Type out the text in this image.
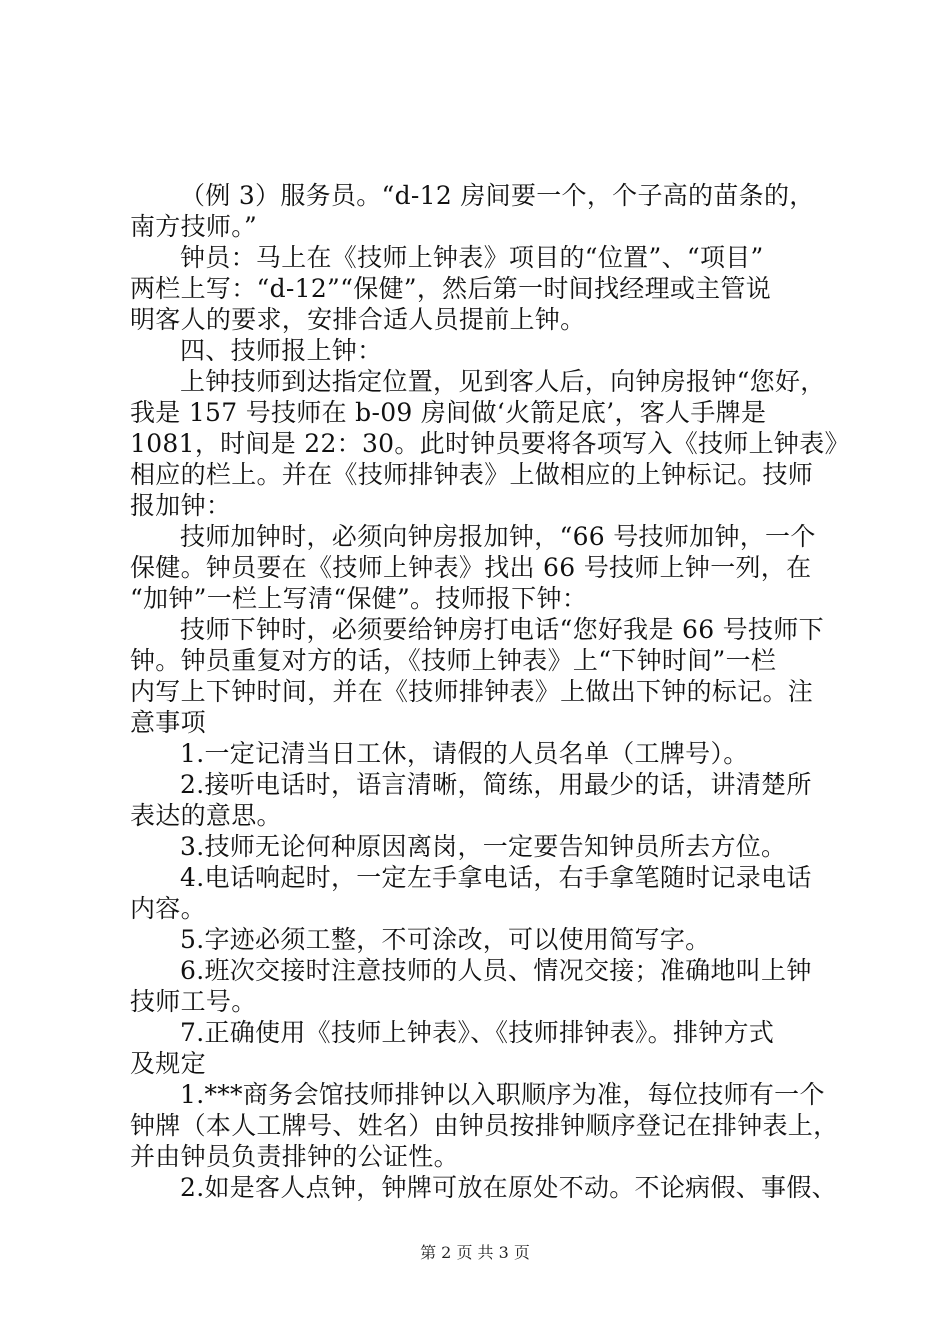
（例 3）服务员。“d-12 房间要一个，个子高的苗条的，
南方技师。”
钟员：马上在《技师上钟表》项目的“位置”、“项目”
两栏上写：“d-12”“保健”，然后第一时间找经理或主管说
明客人的要求，安排合适人员提前上钟。
四、技师报上钟：
上钟技师到达指定位置，见到客人后，向钟房报钟“您好，
我是 157 号技师在 b-09 房间做‘火箭足底’，客人手牌是
1081，时间是 22：30。此时钟员要将各项写入《技师上钟表》
相应的栏上。并在《技师排钟表》上做相应的上钟标记。技师
报加钟：
技师加钟时，必须向钟房报加钟，“66 号技师加钟，一个
保健。钟员要在《技师上钟表》找出 66 号技师上钟一列，在
“加钟”一栏上写清“保健”。技师报下钟：
技师下钟时，必须要给钟房打电话“您好我是 66 号技师下
钟。钟员重复对方的话，《技师上钟表》上“下钟时间”一栏
内写上下钟时间，并在《技师排钟表》上做出下钟的标记。注
意事项
1.一定记清当日工休，请假的人员名单（工牌号）。
2.接听电话时，语言清晰，简练，用最少的话，讲清楚所
表达的意思。
3.技师无论何种原因离岗，一定要告知钟员所去方位。
4.电话响起时，一定左手拿电话，右手拿笔随时记录电话
内容。
5.字迹必须工整，不可涂改，可以使用简写字。
6.班次交接时注意技师的人员、情况交接；准确地叫上钟
技师工号。
7.正确使用《技师上钟表》、《技师排钟表》。排钟方式
及规定
1.***商务会馆技师排钟以入职顺序为准，每位技师有一个
钟牌（本人工牌号、姓名）由钟员按排钟顺序登记在排钟表上，
并由钟员负责排钟的公证性。
2.如是客人点钟，钟牌可放在原处不动。不论病假、事假、
第 2 页 共 3 页
